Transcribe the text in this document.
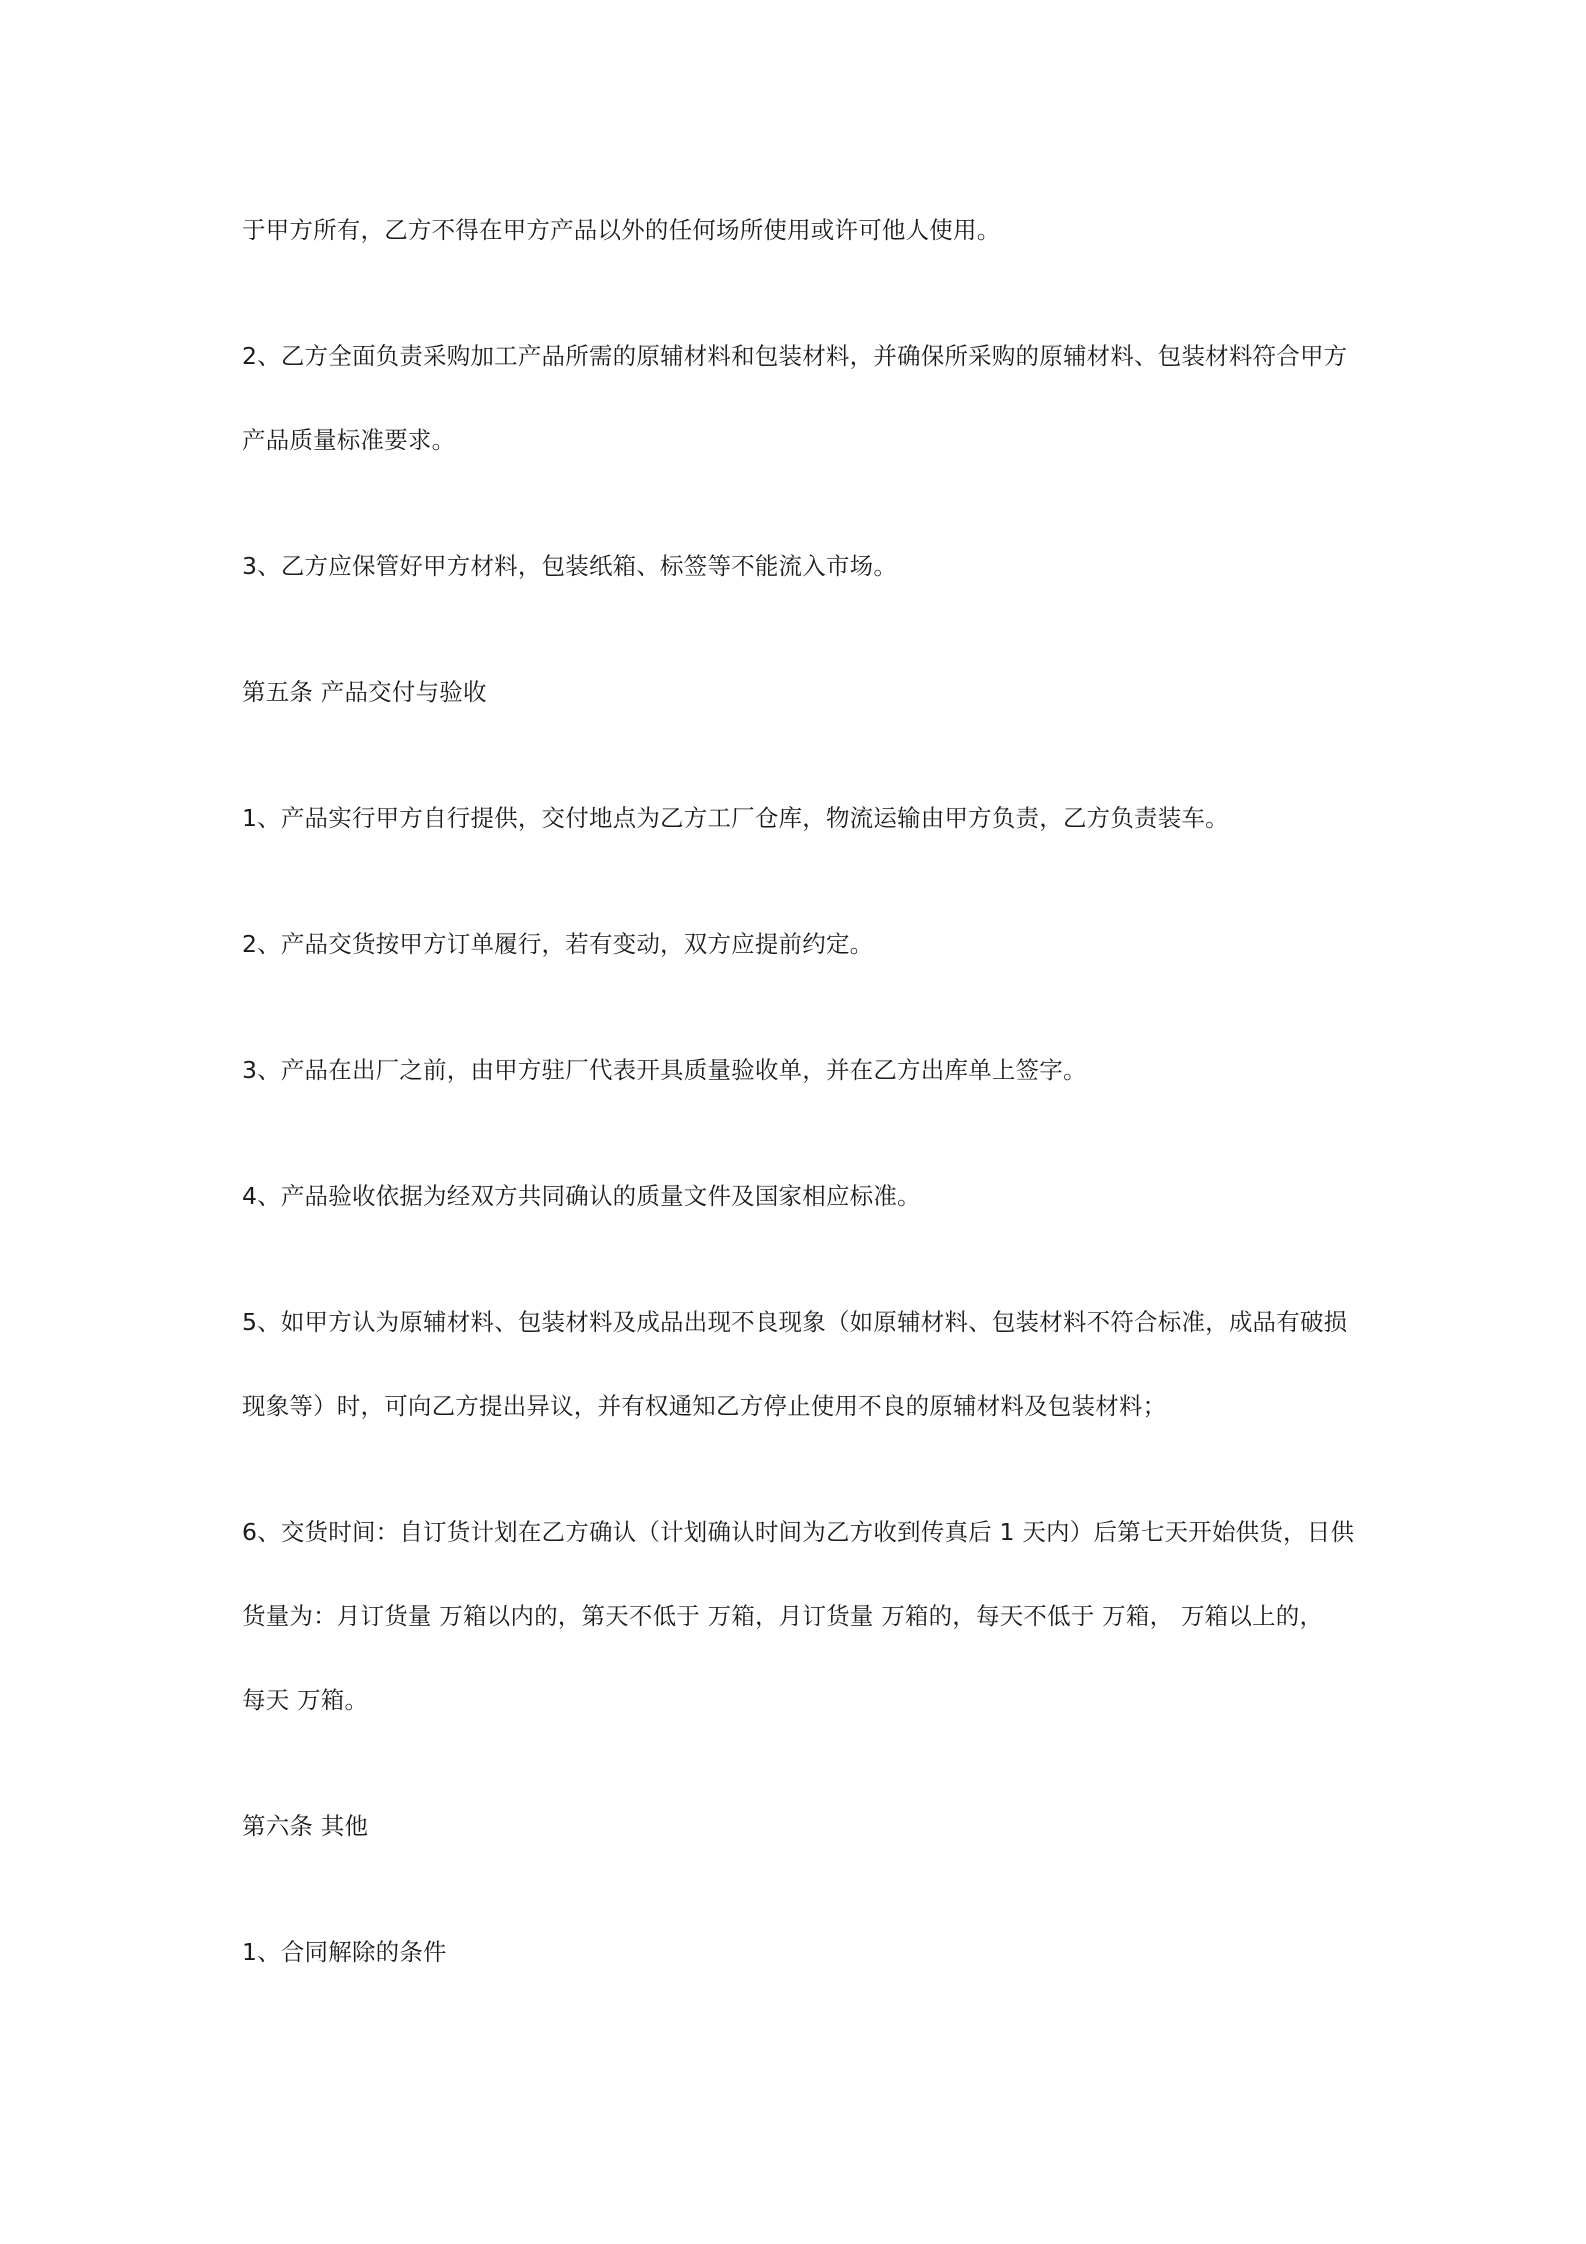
于甲方所有，乙方不得在甲方产品以外的任何场所使用或许可他人使用。
2、乙方全面负责采购加工产品所需的原辅材料和包装材料，并确保所采购的原辅材料、包装材料符合甲方
产品质量标准要求。
3、乙方应保管好甲方材料，包装纸箱、标签等不能流入市场。
第五条 产品交付与验收
1、产品实行甲方自行提供，交付地点为乙方工厂仓库，物流运输由甲方负责，乙方负责装车。
2、产品交货按甲方订单履行，若有变动，双方应提前约定。
3、产品在出厂之前，由甲方驻厂代表开具质量验收单，并在乙方出库单上签字。
4、产品验收依据为经双方共同确认的质量文件及国家相应标准。
5、如甲方认为原辅材料、包装材料及成品出现不良现象（如原辅材料、包装材料不符合标准，成品有破损
现象等）时，可向乙方提出异议，并有权通知乙方停止使用不良的原辅材料及包装材料；
6、交货时间：自订货计划在乙方确认（计划确认时间为乙方收到传真后 1 天内）后第七天开始供货，日供
货量为：月订货量 万箱以内的，第天不低于 万箱，月订货量 万箱的，每天不低于 万箱， 万箱以上的，
每天 万箱。
第六条 其他
1、合同解除的条件
